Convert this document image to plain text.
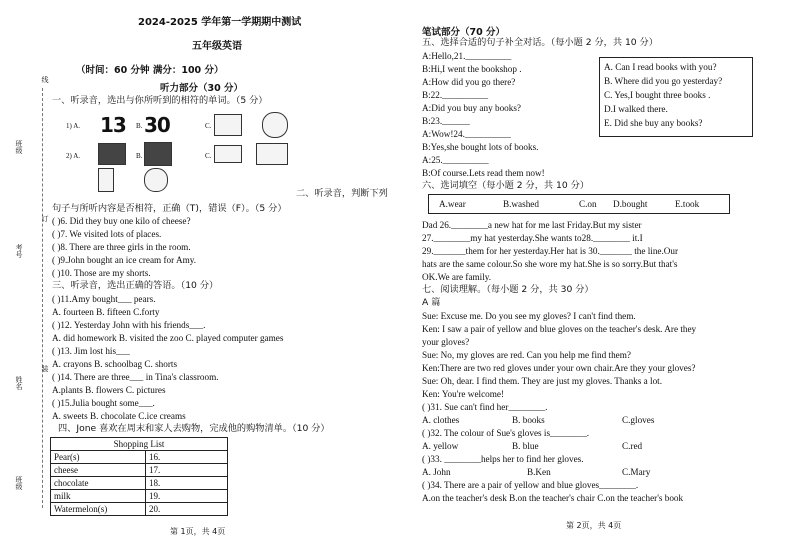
线
订
装
班级
考号
姓名
班级
2024-2025 学年第一学期期中测试
五年级英语
（时间：60 分钟 满分：100 分）
听力部分（30 分）
一、听录音，选出与你所听到的相符的单词。（5 分）
1) A. 13 B. 30	C.
2) A.	B.	C.
二、听录音，判断下列
句子与所听内容是否相符，正确（T)，错误（F）。（5 分）
( )6. Did they buy one kilo of cheese?
( )7. We visited lots of places.
( )8. There are three girls in the room.
( )9.John bought an ice cream for Amy.
( )10. Those are my shorts.
三、听录音，选出正确的答语。（10 分）
( )11.Amy bought___ pears.
A. fourteen B. fifteen C.forty
( )12. Yesterday John with his friends___.
A. did homework B. visited the zoo C. played computer games
( )13. Jim lost his___
A. crayons B. schoolbag C. shorts
( )14. There are three___ in Tina's classroom.
A.plants B. flowers C. pictures
( )15.Julia bought some___.
A. sweets B. chocolate C.ice creams
四、Jone 喜欢在周末和家人去购物，完成他的购物清单。（10 分）
Shopping List	
Pear(s)	16.
cheese	17.
chocolate	18.
milk	19.
Watermelon(s)	20.
第 1页，共 4页
笔试部分（70 分）
五、选择合适的句子补全对话。（每小题 2 分，共 10 分）
A:Hello,21.__________
B:Hi,I went the bookshop .
A:How did you go there?
B:22.__________
A:Did you buy any books?
B:23.______
A:Wow!24.__________
B:Yes,she bought lots of books.
A:25.__________
B:Of course.Lets read them now!
A. Can I read books with you?
B. Where did you go yesterday?
C. Yes,I bought three books .
D.I walked there.
E. Did she buy any books?
六、选词填空（每小题 2 分，共 10 分）
A.wear	B.washed	C.on D.bought	E.took
Dad 26.________a new hat for me last Friday.But my sister
27.________my hat yesterday.She wants to28.________ it.I
29._______them for her yesterday.Her hat is 30._______ the line.Our
hats are the same colour.So she wore my hat.She is so sorry.But that's
OK.We are family.
七、阅读理解。（每小题 2 分，共 30 分）
A 篇
Sue: Excuse me. Do you see my gloves? I can't find them.
Ken: I saw a pair of yellow and blue gloves on the teacher's desk. Are they
your gloves?
Sue: No, my gloves are red. Can you help me find them?
Ken:There are two red gloves under your own chair.Are they your gloves?
Sue: Oh, dear. I find them. They are just my gloves. Thanks a lot.
Ken: You're welcome!
( )31. Sue can't find her________.
A. clothes	B. books	C.gloves
( )32. The colour of Sue's gloves is________.
A. yellow	B. blue	C.red
( )33. ________helps her to find her gloves.
A. John	B.Ken	C.Mary
( )34. There are a pair of yellow and blue gloves________.
A.on the teacher's desk B.on the teacher's chair C.on the teacher's book
第 2页，共 4页
